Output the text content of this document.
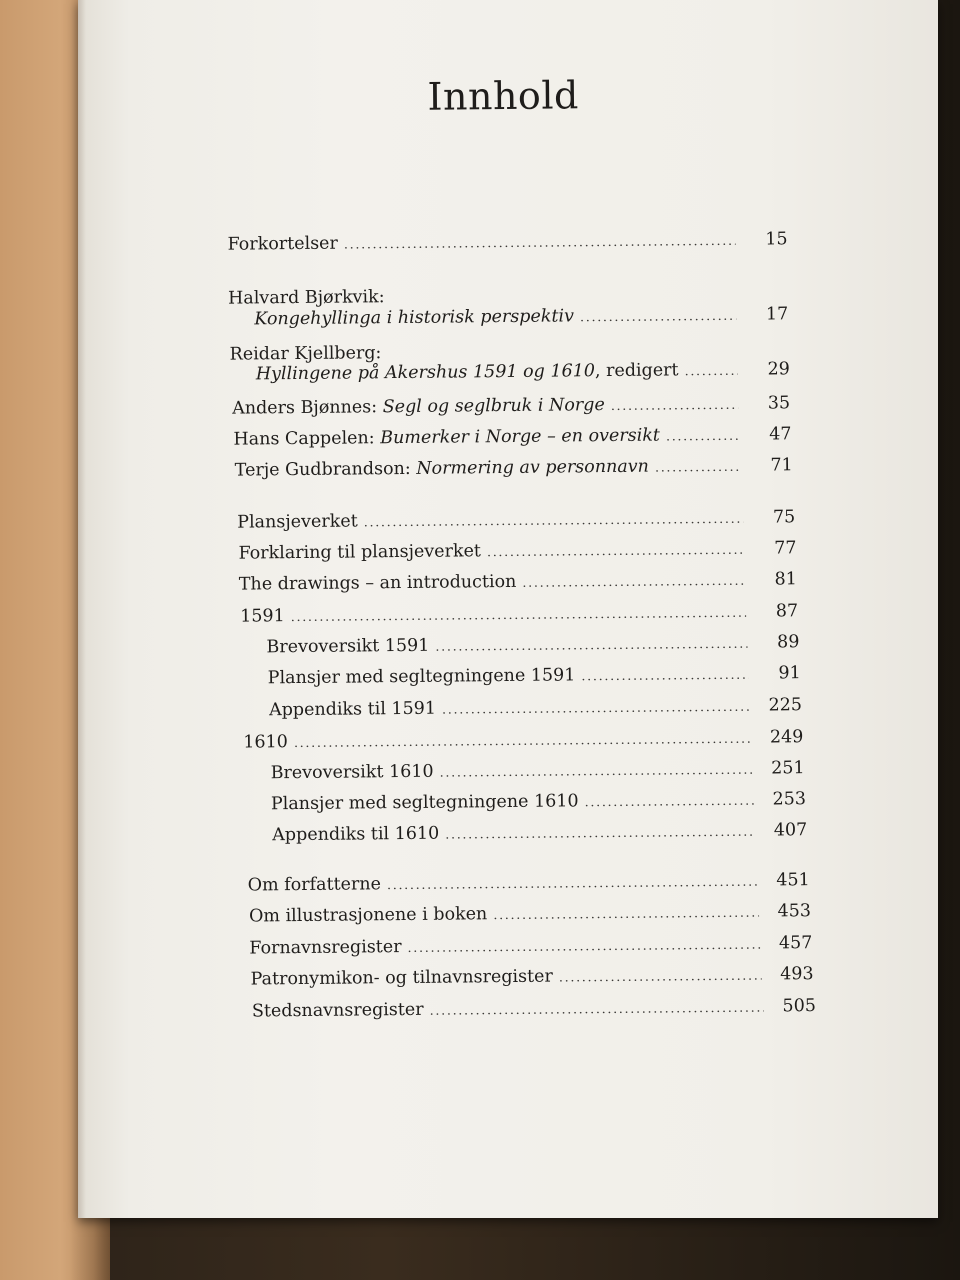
Innhold
Forkortelser .....	15
Halvard Bjørkvik:
Kongehyllinga i historisk perspektiv .....	17
Reidar Kjellberg:
Hyllingene på Akershus 1591 og 1610, redigert .....	29
Anders Bjønnes: Segl og seglbruk i Norge .....	35
Hans Cappelen: Bumerker i Norge – en oversikt .....	47
Terje Gudbrandson: Normering av personnavn .....	71
Plansjeverket .....	75
Forklaring til plansjeverket .....	77
The drawings – an introduction .....	81
1591 .....	87
Brevoversikt 1591 .....	89
Plansjer med segltegningene 1591 .....	91
Appendiks til 1591 .....	225
1610 .....	249
Brevoversikt 1610 .....	251
Plansjer med segltegningene 1610 .....	253
Appendiks til 1610 .....	407
Om forfatterne .....	451
Om illustrasjonene i boken .....	453
Fornavnsregister .....	457
Patronymikon- og tilnavnsregister .....	493
Stedsnavnsregister .....	505
